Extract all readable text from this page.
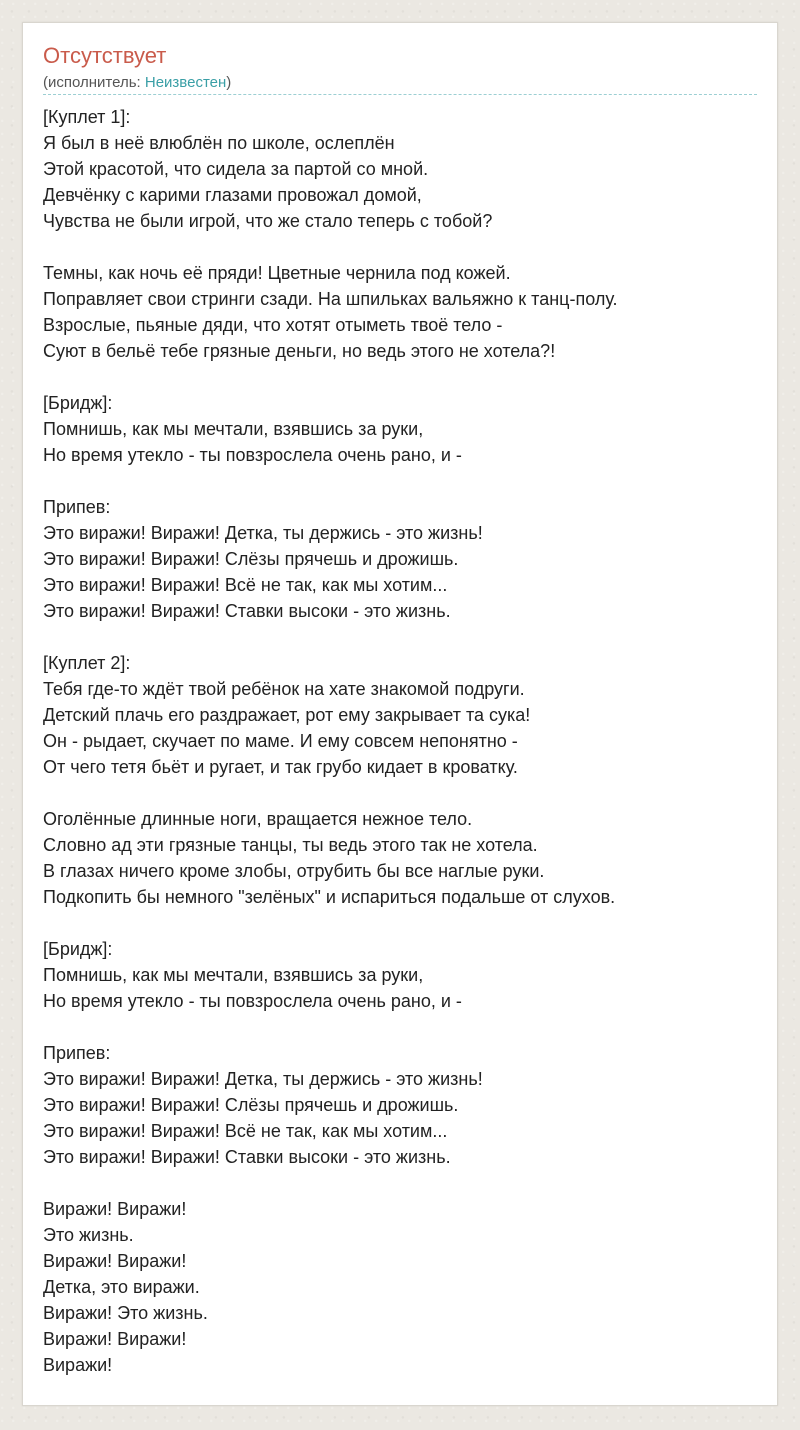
Отсутствует
(исполнитель: Неизвестен)
[Куплет 1]:
Я был в неё влюблён по школе, ослеплён
Этой красотой, что сидела за партой со мной.
Девчёнку с карими глазами провожал домой,
Чувства не были игрой, что же стало теперь с тобой?
Темны, как ночь её пряди! Цветные чернила под кожей.
Поправляет свои стринги сзади. На шпильках вальяжно к танц-полу.
Взрослые, пьяные дяди, что хотят отыметь твоё тело -
Суют в бельё тебе грязные деньги, но ведь этого не хотела?!
[Бридж]:
Помнишь, как мы мечтали, взявшись за руки,
Но время утекло - ты повзрослела очень рано, и -
Припев:
Это виражи! Виражи! Детка, ты держись - это жизнь!
Это виражи! Виражи! Слёзы прячешь и дрожишь.
Это виражи! Виражи! Всё не так, как мы хотим...
Это виражи! Виражи! Ставки высоки - это жизнь.
[Куплет 2]:
Тебя где-то ждёт твой ребёнок на хате знакомой подруги.
Детский плачь его раздражает, рот ему закрывает та сука!
Он - рыдает, скучает по маме. И ему совсем непонятно -
От чего тетя бьёт и ругает, и так грубо кидает в кроватку.
Оголённые длинные ноги, вращается нежное тело.
Словно ад эти грязные танцы, ты ведь этого так не хотела.
В глазах ничего кроме злобы, отрубить бы все наглые руки.
Подкопить бы немного "зелёных" и испариться подальше от слухов.
[Бридж]:
Помнишь, как мы мечтали, взявшись за руки,
Но время утекло - ты повзрослела очень рано, и -
Припев:
Это виражи! Виражи! Детка, ты держись - это жизнь!
Это виражи! Виражи! Слёзы прячешь и дрожишь.
Это виражи! Виражи! Всё не так, как мы хотим...
Это виражи! Виражи! Ставки высоки - это жизнь.
Виражи! Виражи!
Это жизнь.
Виражи! Виражи!
Детка, это виражи.
Виражи! Это жизнь.
Виражи! Виражи!
Виражи!
